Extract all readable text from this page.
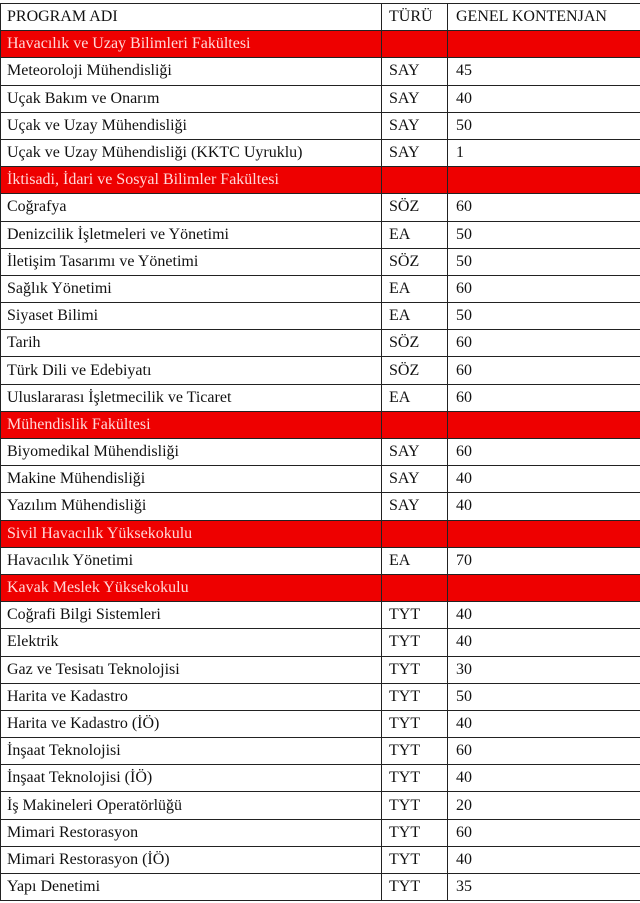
PROGRAM ADI	TÜRÜ	GENEL KONTENJAN
Havacılık ve Uzay Bilimleri Fakültesi		
Meteoroloji Mühendisliği	SAY	45
Uçak Bakım ve Onarım	SAY	40
Uçak ve Uzay Mühendisliği	SAY	50
Uçak ve Uzay Mühendisliği (KKTC Uyruklu)	SAY	1
İktisadi, İdari ve Sosyal Bilimler Fakültesi		
Coğrafya	SÖZ	60
Denizcilik İşletmeleri ve Yönetimi	EA	50
İletişim Tasarımı ve Yönetimi	SÖZ	50
Sağlık Yönetimi	EA	60
Siyaset Bilimi	EA	50
Tarih	SÖZ	60
Türk Dili ve Edebiyatı	SÖZ	60
Uluslararası İşletmecilik ve Ticaret	EA	60
Mühendislik Fakültesi		
Biyomedikal Mühendisliği	SAY	60
Makine Mühendisliği	SAY	40
Yazılım Mühendisliği	SAY	40
Sivil Havacılık Yüksekokulu		
Havacılık Yönetimi	EA	70
Kavak Meslek Yüksekokulu		
Coğrafi Bilgi Sistemleri	TYT	40
Elektrik	TYT	40
Gaz ve Tesisatı Teknolojisi	TYT	30
Harita ve Kadastro	TYT	50
Harita ve Kadastro (İÖ)	TYT	40
İnşaat Teknolojisi	TYT	60
İnşaat Teknolojisi (İÖ)	TYT	40
İş Makineleri Operatörlüğü	TYT	20
Mimari Restorasyon	TYT	60
Mimari Restorasyon (İÖ)	TYT	40
Yapı Denetimi	TYT	35
